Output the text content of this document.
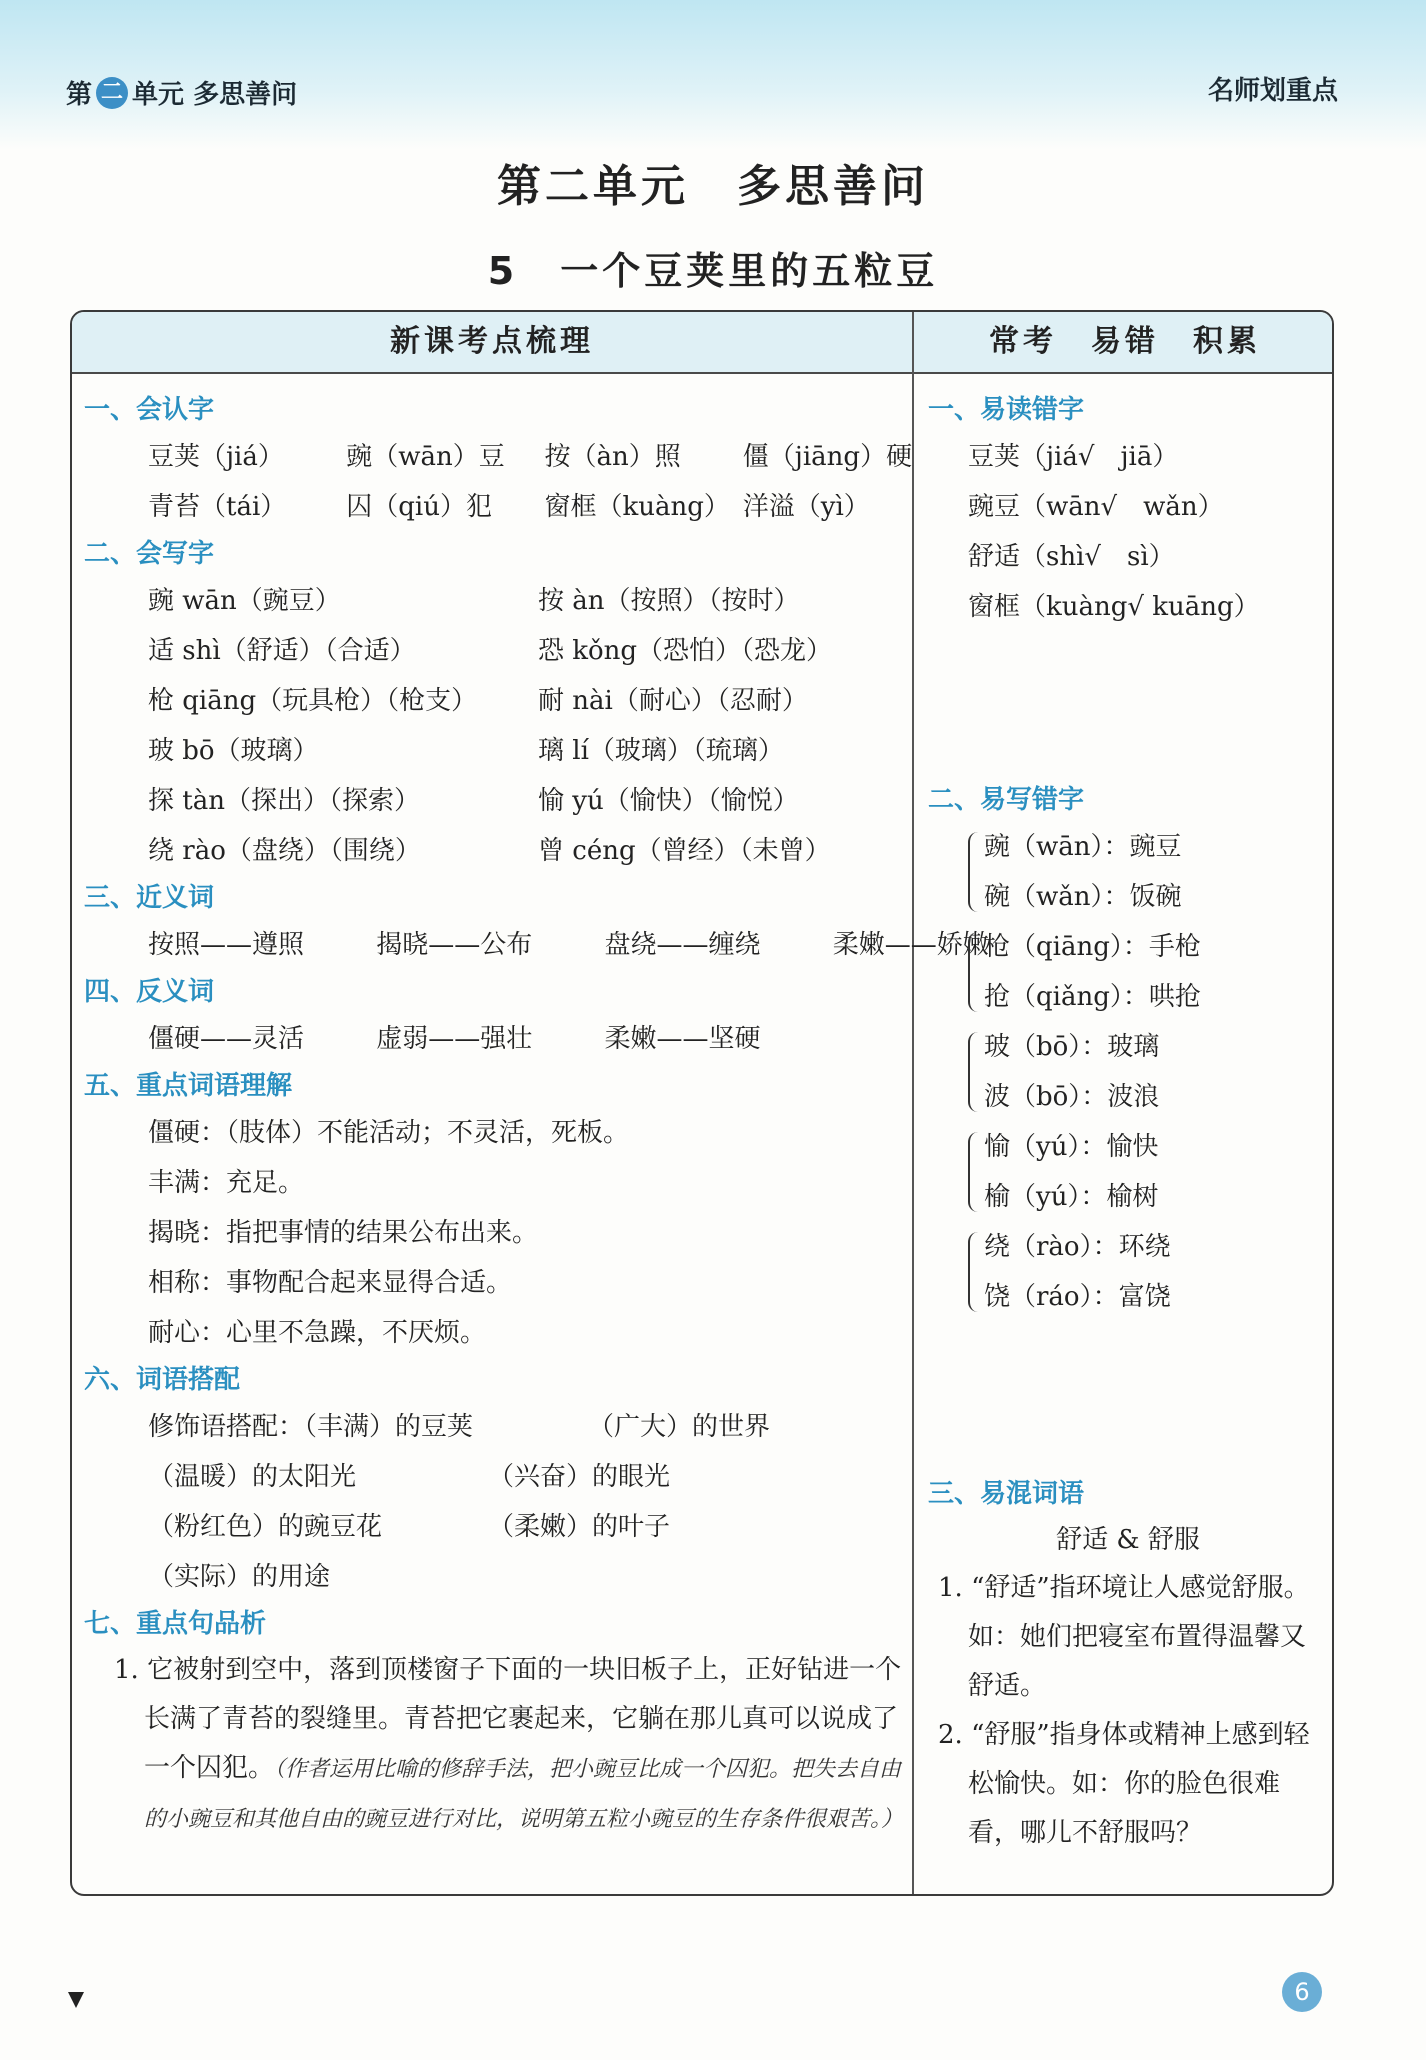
第 二 单元 多思善问	名师划重点
第二单元　多思善问
5　一个豆荚里的五粒豆
新课考点梳理	常考　易错　积累
一、会认字
豆荚（jiá） 豌（wān）豆 按（àn）照 僵（jiāng）硬
青苔（tái） 囚（qiú）犯 窗框（kuàng） 洋溢（yì）
二、会写字
豌 wān（豌豆）	按 àn（按照）（按时）
适 shì（舒适）（合适）	恐 kǒng（恐怕）（恐龙）
枪 qiāng（玩具枪）（枪支） 耐 nài（耐心）（忍耐）
玻 bō（玻璃）	璃 lí（玻璃）（琉璃）
探 tàn（探出）（探索）	愉 yú（愉快）（愉悦）
绕 rào（盘绕）（围绕）	曾 céng（曾经）（未曾）
三、近义词
按照——遵照	揭晓——公布	盘绕——缠绕	柔嫩——娇嫩
四、反义词
僵硬——灵活	虚弱——强壮	柔嫩——坚硬
五、重点词语理解
僵硬：（肢体）不能活动；不灵活，死板。
丰满：充足。
揭晓：指把事情的结果公布出来。
相称：事物配合起来显得合适。
耐心：心里不急躁，不厌烦。
六、词语搭配
修饰语搭配：（丰满）的豆荚	（广大）的世界
（温暖）的太阳光	（兴奋）的眼光
（粉红色）的豌豆花	（柔嫩）的叶子
（实际）的用途
七、重点句品析
1. 它被射到空中，落到顶楼窗子下面的一块旧板子上，正好钻进一个长满了青苔的裂缝里。青苔把它裹起来，它躺在那儿真可以说成了一个囚犯。（作者运用比喻的修辞手法，把小豌豆比成一个囚犯。把失去自由的小豌豆和其他自由的豌豆进行对比，说明第五粒小豌豆的生存条件很艰苦。）
一、易读错字
豆荚（jiá√　jiā）
豌豆（wān√　wǎn）
舒适（shì√　sì）
窗框（kuàng√ kuāng）
二、易写错字
豌（wān）：豌豆
碗（wǎn）：饭碗
枪（qiāng）：手枪
抢（qiǎng）：哄抢
玻（bō）：玻璃
波（bō）：波浪
愉（yú）：愉快
榆（yú）：榆树
绕（rào）：环绕
饶（ráo）：富饶
三、易混词语
舒适 & 舒服
1. “舒适”指环境让人感觉舒服。如：她们把寝室布置得温馨又舒适。
2. “舒服”指身体或精神上感到轻松愉快。如：你的脸色很难看，哪儿不舒服吗？
6
